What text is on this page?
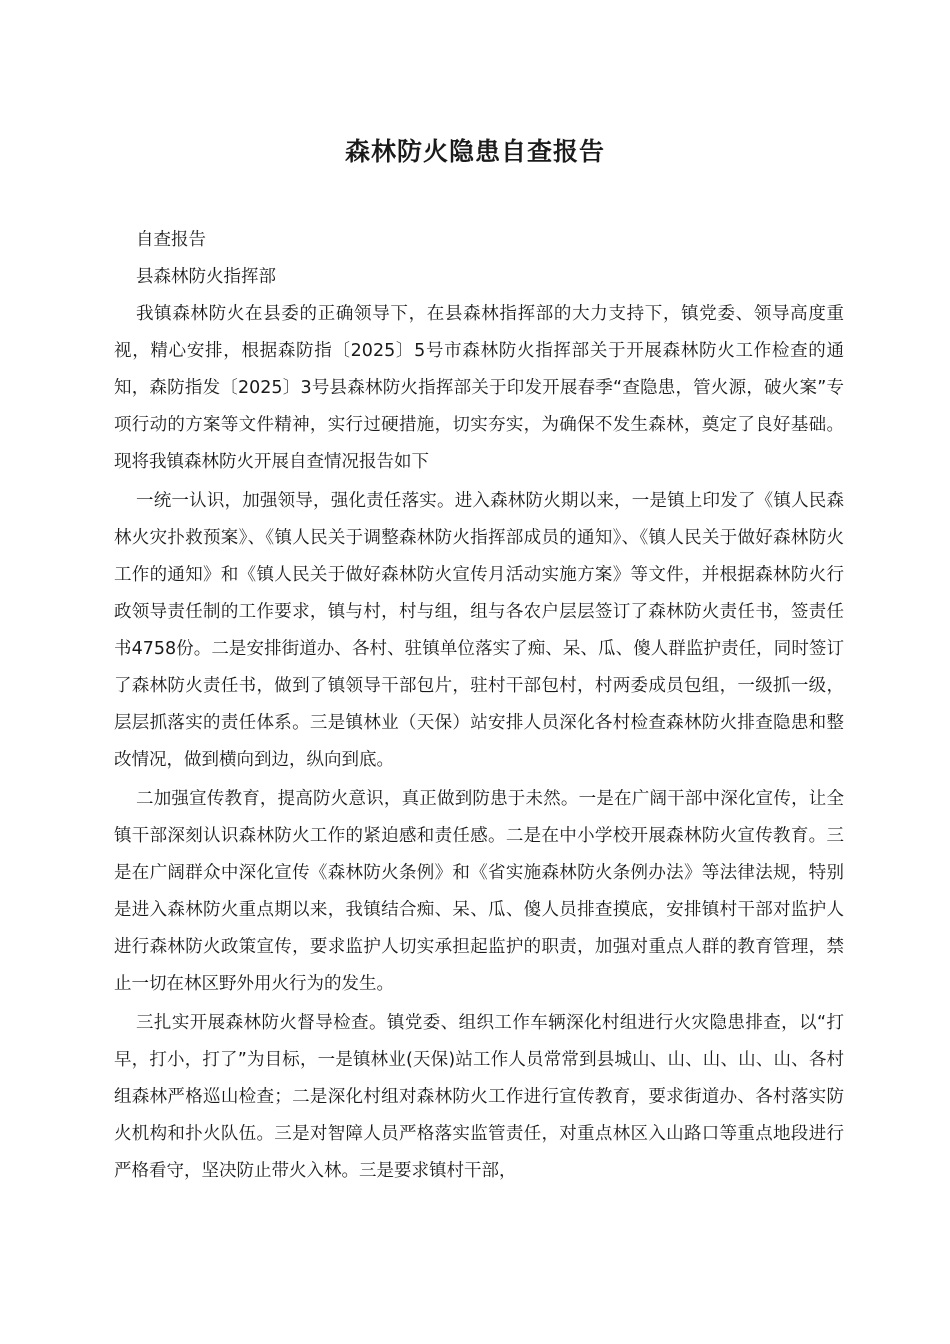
森林防火隐患自查报告

自查报告

县森林防火指挥部

我镇森林防火在县委的正确领导下，在县森林指挥部的大力支持下，镇党委、领导高度重视，精心安排，根据森防指〔2025〕5号市森林防火指挥部关于开展森林防火工作检查的通知，森防指发〔2025〕3号县森林防火指挥部关于印发开展春季“查隐患，管火源，破火案”专项行动的方案等文件精神，实行过硬措施，切实夯实，为确保不发生森林，奠定了良好基础。现将我镇森林防火开展自查情况报告如下

一统一认识，加强领导，强化责任落实。进入森林防火期以来，一是镇上印发了《镇人民森林火灾扑救预案》、《镇人民关于调整森林防火指挥部成员的通知》、《镇人民关于做好森林防火工作的通知》和《镇人民关于做好森林防火宣传月活动实施方案》等文件，并根据森林防火行政领导责任制的工作要求，镇与村，村与组，组与各农户层层签订了森林防火责任书，签责任书4758份。二是安排街道办、各村、驻镇单位落实了痴、呆、瓜、傻人群监护责任，同时签订了森林防火责任书，做到了镇领导干部包片，驻村干部包村，村两委成员包组，一级抓一级，层层抓落实的责任体系。三是镇林业（天保）站安排人员深化各村检查森林防火排查隐患和整改情况，做到横向到边，纵向到底。

二加强宣传教育，提高防火意识，真正做到防患于未然。一是在广阔干部中深化宣传，让全镇干部深刻认识森林防火工作的紧迫感和责任感。二是在中小学校开展森林防火宣传教育。三是在广阔群众中深化宣传《森林防火条例》和《省实施森林防火条例办法》等法律法规，特别是进入森林防火重点期以来，我镇结合痴、呆、瓜、傻人员排查摸底，安排镇村干部对监护人进行森林防火政策宣传，要求监护人切实承担起监护的职责，加强对重点人群的教育管理，禁止一切在林区野外用火行为的发生。

三扎实开展森林防火督导检查。镇党委、组织工作车辆深化村组进行火灾隐患排查，以“打早，打小，打了”为目标，一是镇林业(天保)站工作人员常常到县城山、山、山、山、山、各村组森林严格巡山检查；二是深化村组对森林防火工作进行宣传教育，要求街道办、各村落实防火机构和扑火队伍。三是对智障人员严格落实监管责任，对重点林区入山路口等重点地段进行严格看守，坚决防止带火入林。三是要求镇村干部，
